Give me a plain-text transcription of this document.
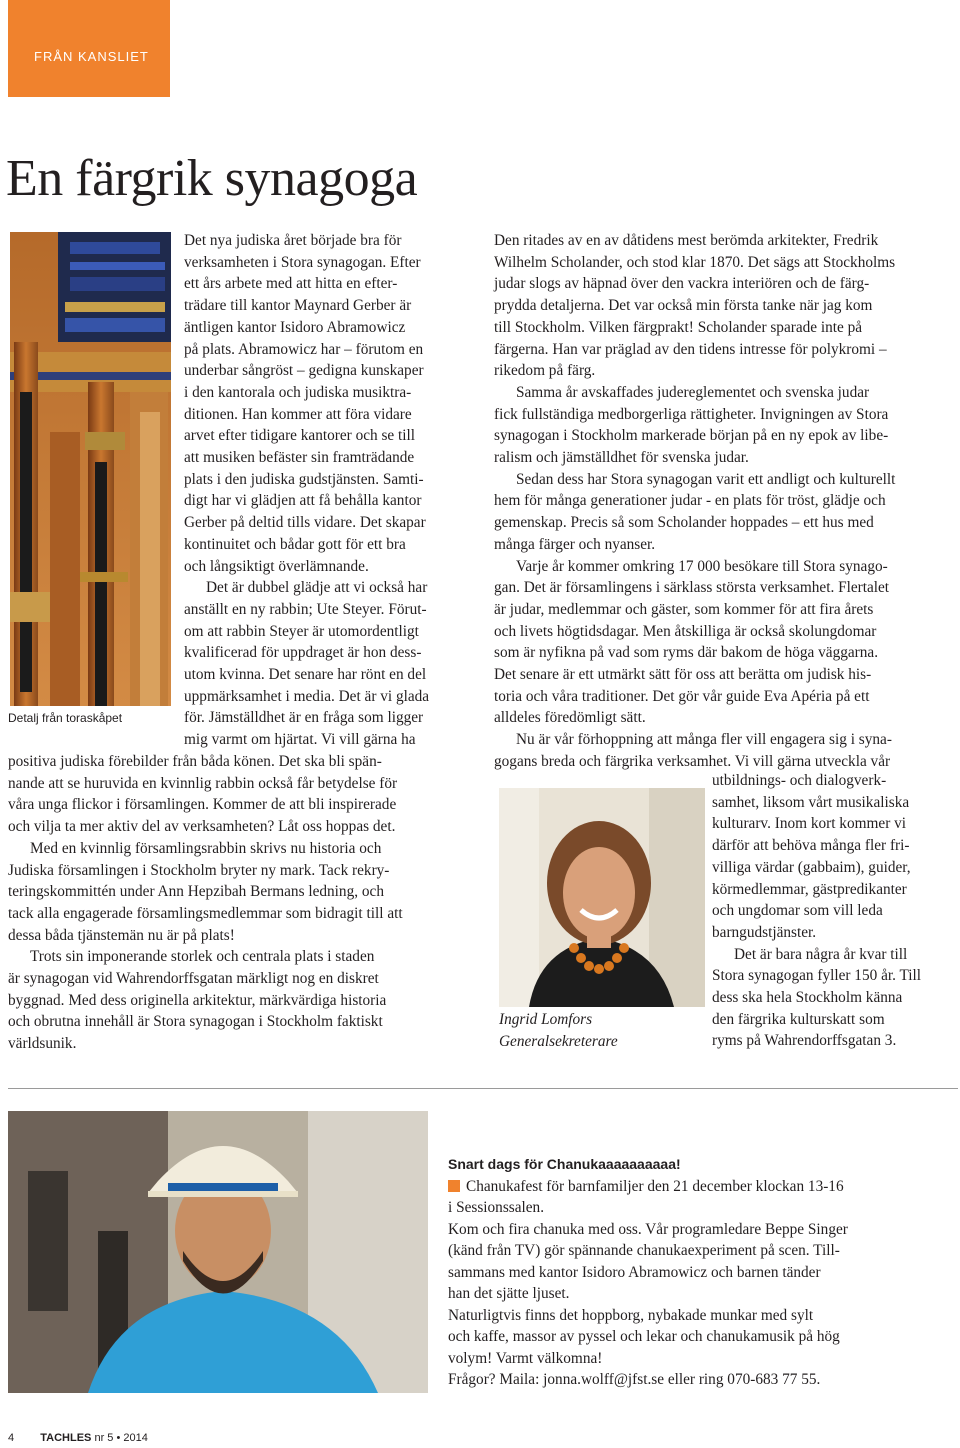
FRÅN KANSLIET
En färgrik synagoga
Detalj från toraskåpet
Det nya judiska året började bra för
verksamheten i Stora synagogan. Efter
ett års arbete med att hitta en efter-
trädare till kantor Maynard Gerber är
äntligen kantor Isidoro Abramowicz
på plats. Abramowicz har – förutom en
underbar sångröst – gedigna kunskaper
i den kantorala och judiska musiktra-
ditionen. Han kommer att föra vidare
arvet efter tidigare kantorer och se till
att musiken befäster sin framträdande
plats i den judiska gudstjänsten. Samti-
digt har vi glädjen att få behålla kantor
Gerber på deltid tills vidare. Det skapar
kontinuitet och bådar gott för ett bra
och långsiktigt överlämnande.
Det är dubbel glädje att vi också har
anställt en ny rabbin; Ute Steyer. Förut-
om att rabbin Steyer är utomordentligt
kvalificerad för uppdraget är hon dess-
utom kvinna. Det senare har rönt en del
uppmärksamhet i media. Det är vi glada
för. Jämställdhet är en fråga som ligger
mig varmt om hjärtat. Vi vill gärna ha
positiva judiska förebilder från båda könen. Det ska bli spän-
nande att se huruvida en kvinnlig rabbin också får betydelse för
våra unga flickor i församlingen. Kommer de att bli inspirerade
och vilja ta mer aktiv del av verksamheten? Låt oss hoppas det.
Med en kvinnlig församlingsrabbin skrivs nu historia och
Judiska församlingen i Stockholm bryter ny mark. Tack rekry-
teringskommittén under Ann Hepzibah Bermans ledning, och
tack alla engagerade församlingsmedlemmar som bidragit till att
dessa båda tjänstemän nu är på plats!
Trots sin imponerande storlek och centrala plats i staden
är synagogan vid Wahrendorffsgatan märkligt nog en diskret
byggnad. Med dess originella arkitektur, märkvärdiga historia
och obrutna innehåll är Stora synagogan i Stockholm faktiskt
världsunik.
Den ritades av en av dåtidens mest berömda arkitekter, Fredrik
Wilhelm Scholander, och stod klar 1870. Det sägs att Stockholms
judar slogs av häpnad över den vackra interiören och de färg-
prydda detaljerna. Det var också min första tanke när jag kom
till Stockholm. Vilken färgprakt! Scholander sparade inte på
färgerna. Han var präglad av den tidens intresse för polykromi –
rikedom på färg.
Samma år avskaffades judereglementet och svenska judar
fick fullständiga medborgerliga rättigheter. Invigningen av Stora
synagogan i Stockholm markerade början på en ny epok av libe-
ralism och jämställdhet för svenska judar.
Sedan dess har Stora synagogan varit ett andligt och kulturellt
hem för många generationer judar - en plats för tröst, glädje och
gemenskap. Precis så som Scholander hoppades – ett hus med
många färger och nyanser.
Varje år kommer omkring 17 000 besökare till Stora synago-
gan. Det är församlingens i särklass största verksamhet. Flertalet
är judar, medlemmar och gäster, som kommer för att fira årets
och livets högtidsdagar. Men åtskilliga är också skolungdomar
som är nyfikna på vad som ryms där bakom de höga väggarna.
Det senare är ett utmärkt sätt för oss att berätta om judisk his-
toria och våra traditioner. Det gör vår guide Eva Apéria på ett
alldeles föredömligt sätt.
Nu är vår förhoppning att många fler vill engagera sig i syna-
gogans breda och färgrika verksamhet. Vi vill gärna utveckla vår
Ingrid Lomfors
Generalsekreterare
utbildnings- och dialogverk-
samhet, liksom vårt musikaliska
kulturarv. Inom kort kommer vi
därför att behöva många fler fri-
villiga värdar (gabbaim), guider,
körmedlemmar, gästpredikanter
och ungdomar som vill leda
barngudstjänster.
Det är bara några år kvar till
Stora synagogan fyller 150 år. Till
dess ska hela Stockholm känna
den färgrika kulturskatt som
ryms på Wahrendorffsgatan 3.
Snart dags för Chanukaaaaaaaaaa!

Chanukafest för barnfamiljer den 21 december klockan 13-16

i Sessionssalen.

Kom och fira chanuka med oss. Vår programledare Beppe Singer

(känd från TV) gör spännande chanukaexperiment på scen. Till-

sammans med kantor Isidoro Abramowicz och barnen tänder

han det sjätte ljuset.

Naturligtvis finns det hoppborg, nybakade munkar med sylt

och kaffe, massor av pyssel och lekar och chanukamusik på hög

volym! Varmt välkomna!

Frågor? Maila: jonna.wolff@jfst.se eller ring 070-683 77 55.

4 TACHLES nr 5 • 2014
